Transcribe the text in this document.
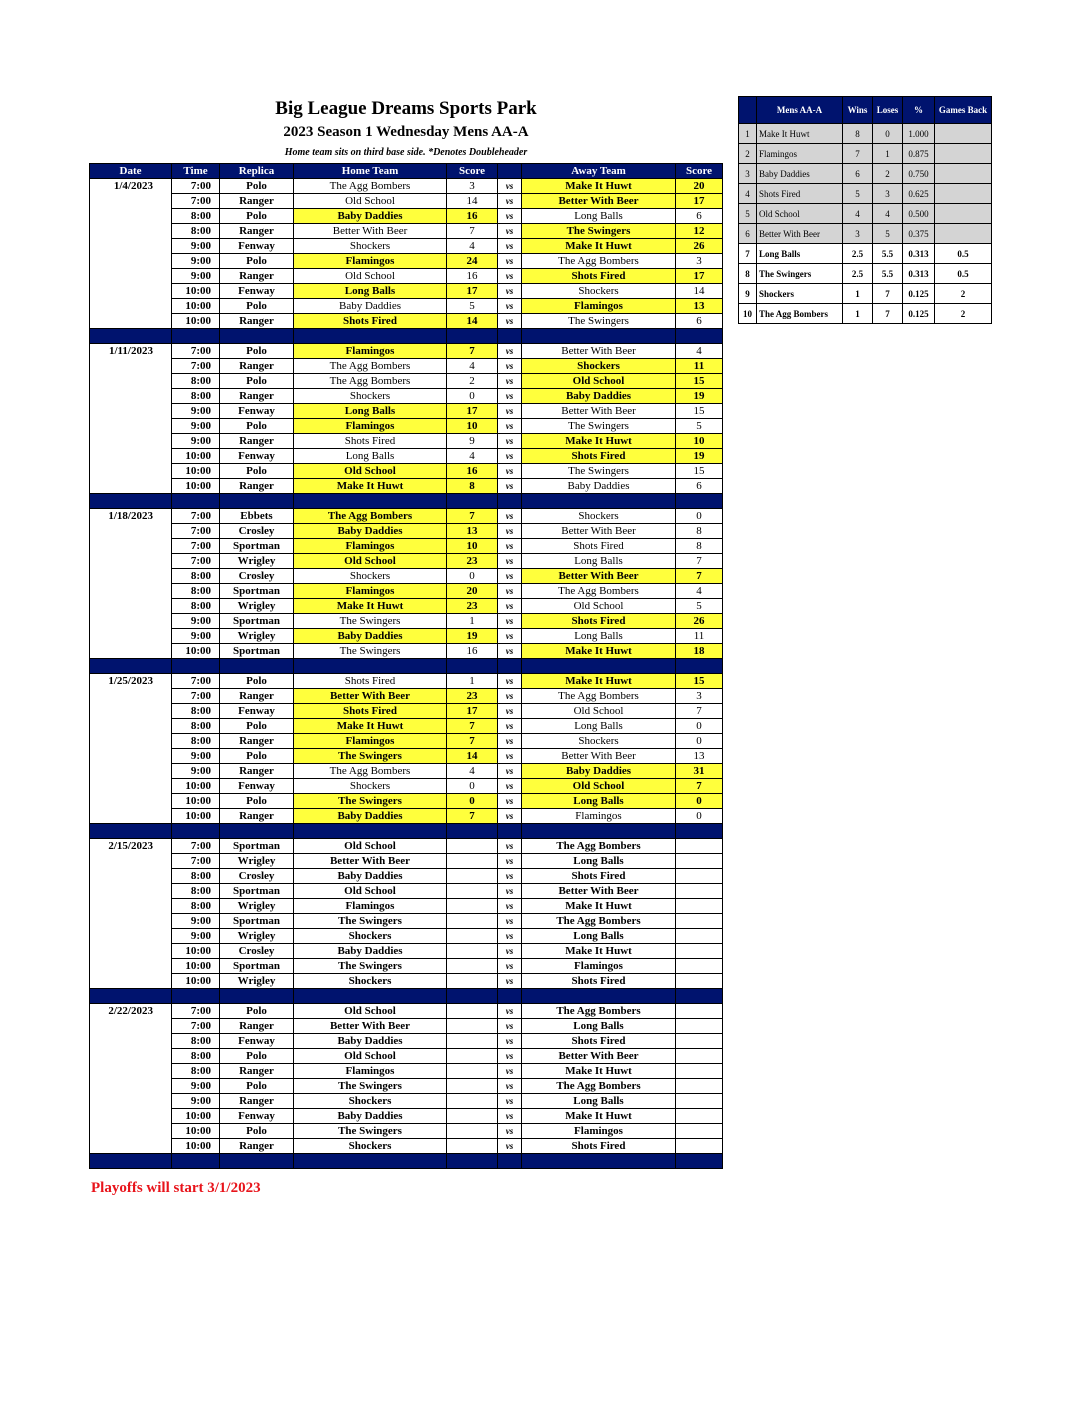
Big League Dreams Sports Park
2023 Season 1 Wednesday Mens AA-A
Home team sits on third base side. *Denotes Doubleheader
Date	Time	Replica	Home Team	Score		Away Team	Score
1/4/2023	7:00	Polo	The Agg Bombers	3	vs	Make It Huwt	20
	7:00	Ranger	Old School	14	vs	Better With Beer	17
	8:00	Polo	Baby Daddies	16	vs	Long Balls	6
	8:00	Ranger	Better With Beer	7	vs	The Swingers	12
	9:00	Fenway	Shockers	4	vs	Make It Huwt	26
	9:00	Polo	Flamingos	24	vs	The Agg Bombers	3
	9:00	Ranger	Old School	16	vs	Shots Fired	17
	10:00	Fenway	Long Balls	17	vs	Shockers	14
	10:00	Polo	Baby Daddies	5	vs	Flamingos	13
	10:00	Ranger	Shots Fired	14	vs	The Swingers	6

1/11/2023	7:00	Polo	Flamingos	7	vs	Better With Beer	4
	7:00	Ranger	The Agg Bombers	4	vs	Shockers	11
	8:00	Polo	The Agg Bombers	2	vs	Old School	15
	8:00	Ranger	Shockers	0	vs	Baby Daddies	19
	9:00	Fenway	Long Balls	17	vs	Better With Beer	15
	9:00	Polo	Flamingos	10	vs	The Swingers	5
	9:00	Ranger	Shots Fired	9	vs	Make It Huwt	10
	10:00	Fenway	Long Balls	4	vs	Shots Fired	19
	10:00	Polo	Old School	16	vs	The Swingers	15
	10:00	Ranger	Make It Huwt	8	vs	Baby Daddies	6

1/18/2023	7:00	Ebbets	The Agg Bombers	7	vs	Shockers	0
	7:00	Crosley	Baby Daddies	13	vs	Better With Beer	8
	7:00	Sportman	Flamingos	10	vs	Shots Fired	8
	7:00	Wrigley	Old School	23	vs	Long Balls	7
	8:00	Crosley	Shockers	0	vs	Better With Beer	7
	8:00	Sportman	Flamingos	20	vs	The Agg Bombers	4
	8:00	Wrigley	Make It Huwt	23	vs	Old School	5
	9:00	Sportman	The Swingers	1	vs	Shots Fired	26
	9:00	Wrigley	Baby Daddies	19	vs	Long Balls	11
	10:00	Sportman	The Swingers	16	vs	Make It Huwt	18

1/25/2023	7:00	Polo	Shots Fired	1	vs	Make It Huwt	15
	7:00	Ranger	Better With Beer	23	vs	The Agg Bombers	3
	8:00	Fenway	Shots Fired	17	vs	Old School	7
	8:00	Polo	Make It Huwt	7	vs	Long Balls	0
	8:00	Ranger	Flamingos	7	vs	Shockers	0
	9:00	Polo	The Swingers	14	vs	Better With Beer	13
	9:00	Ranger	The Agg Bombers	4	vs	Baby Daddies	31
	10:00	Fenway	Shockers	0	vs	Old School	7
	10:00	Polo	The Swingers	0	vs	Long Balls	0
	10:00	Ranger	Baby Daddies	7	vs	Flamingos	0

2/15/2023	7:00	Sportman	Old School		vs	The Agg Bombers	
	7:00	Wrigley	Better With Beer		vs	Long Balls	
	8:00	Crosley	Baby Daddies		vs	Shots Fired	
	8:00	Sportman	Old School		vs	Better With Beer	
	8:00	Wrigley	Flamingos		vs	Make It Huwt	
	9:00	Sportman	The Swingers		vs	The Agg Bombers	
	9:00	Wrigley	Shockers		vs	Long Balls	
	10:00	Crosley	Baby Daddies		vs	Make It Huwt	
	10:00	Sportman	The Swingers		vs	Flamingos	
	10:00	Wrigley	Shockers		vs	Shots Fired	

2/22/2023	7:00	Polo	Old School		vs	The Agg Bombers	
	7:00	Ranger	Better With Beer		vs	Long Balls	
	8:00	Fenway	Baby Daddies		vs	Shots Fired	
	8:00	Polo	Old School		vs	Better With Beer	
	8:00	Ranger	Flamingos		vs	Make It Huwt	
	9:00	Polo	The Swingers		vs	The Agg Bombers	
	9:00	Ranger	Shockers		vs	Long Balls	
	10:00	Fenway	Baby Daddies		vs	Make It Huwt	
	10:00	Polo	The Swingers		vs	Flamingos	
	10:00	Ranger	Shockers		vs	Shots Fired	

	Mens AA-A	Wins	Loses	%	Games Back
1	Make It Huwt	8	0	1.000	
2	Flamingos	7	1	0.875	
3	Baby Daddies	6	2	0.750	
4	Shots Fired	5	3	0.625	
5	Old School	4	4	0.500	
6	Better With Beer	3	5	0.375	
7	Long Balls	2.5	5.5	0.313	0.5
8	The Swingers	2.5	5.5	0.313	0.5
9	Shockers	1	7	0.125	2
10	The Agg Bombers	1	7	0.125	2
Playoffs will start 3/1/2023
